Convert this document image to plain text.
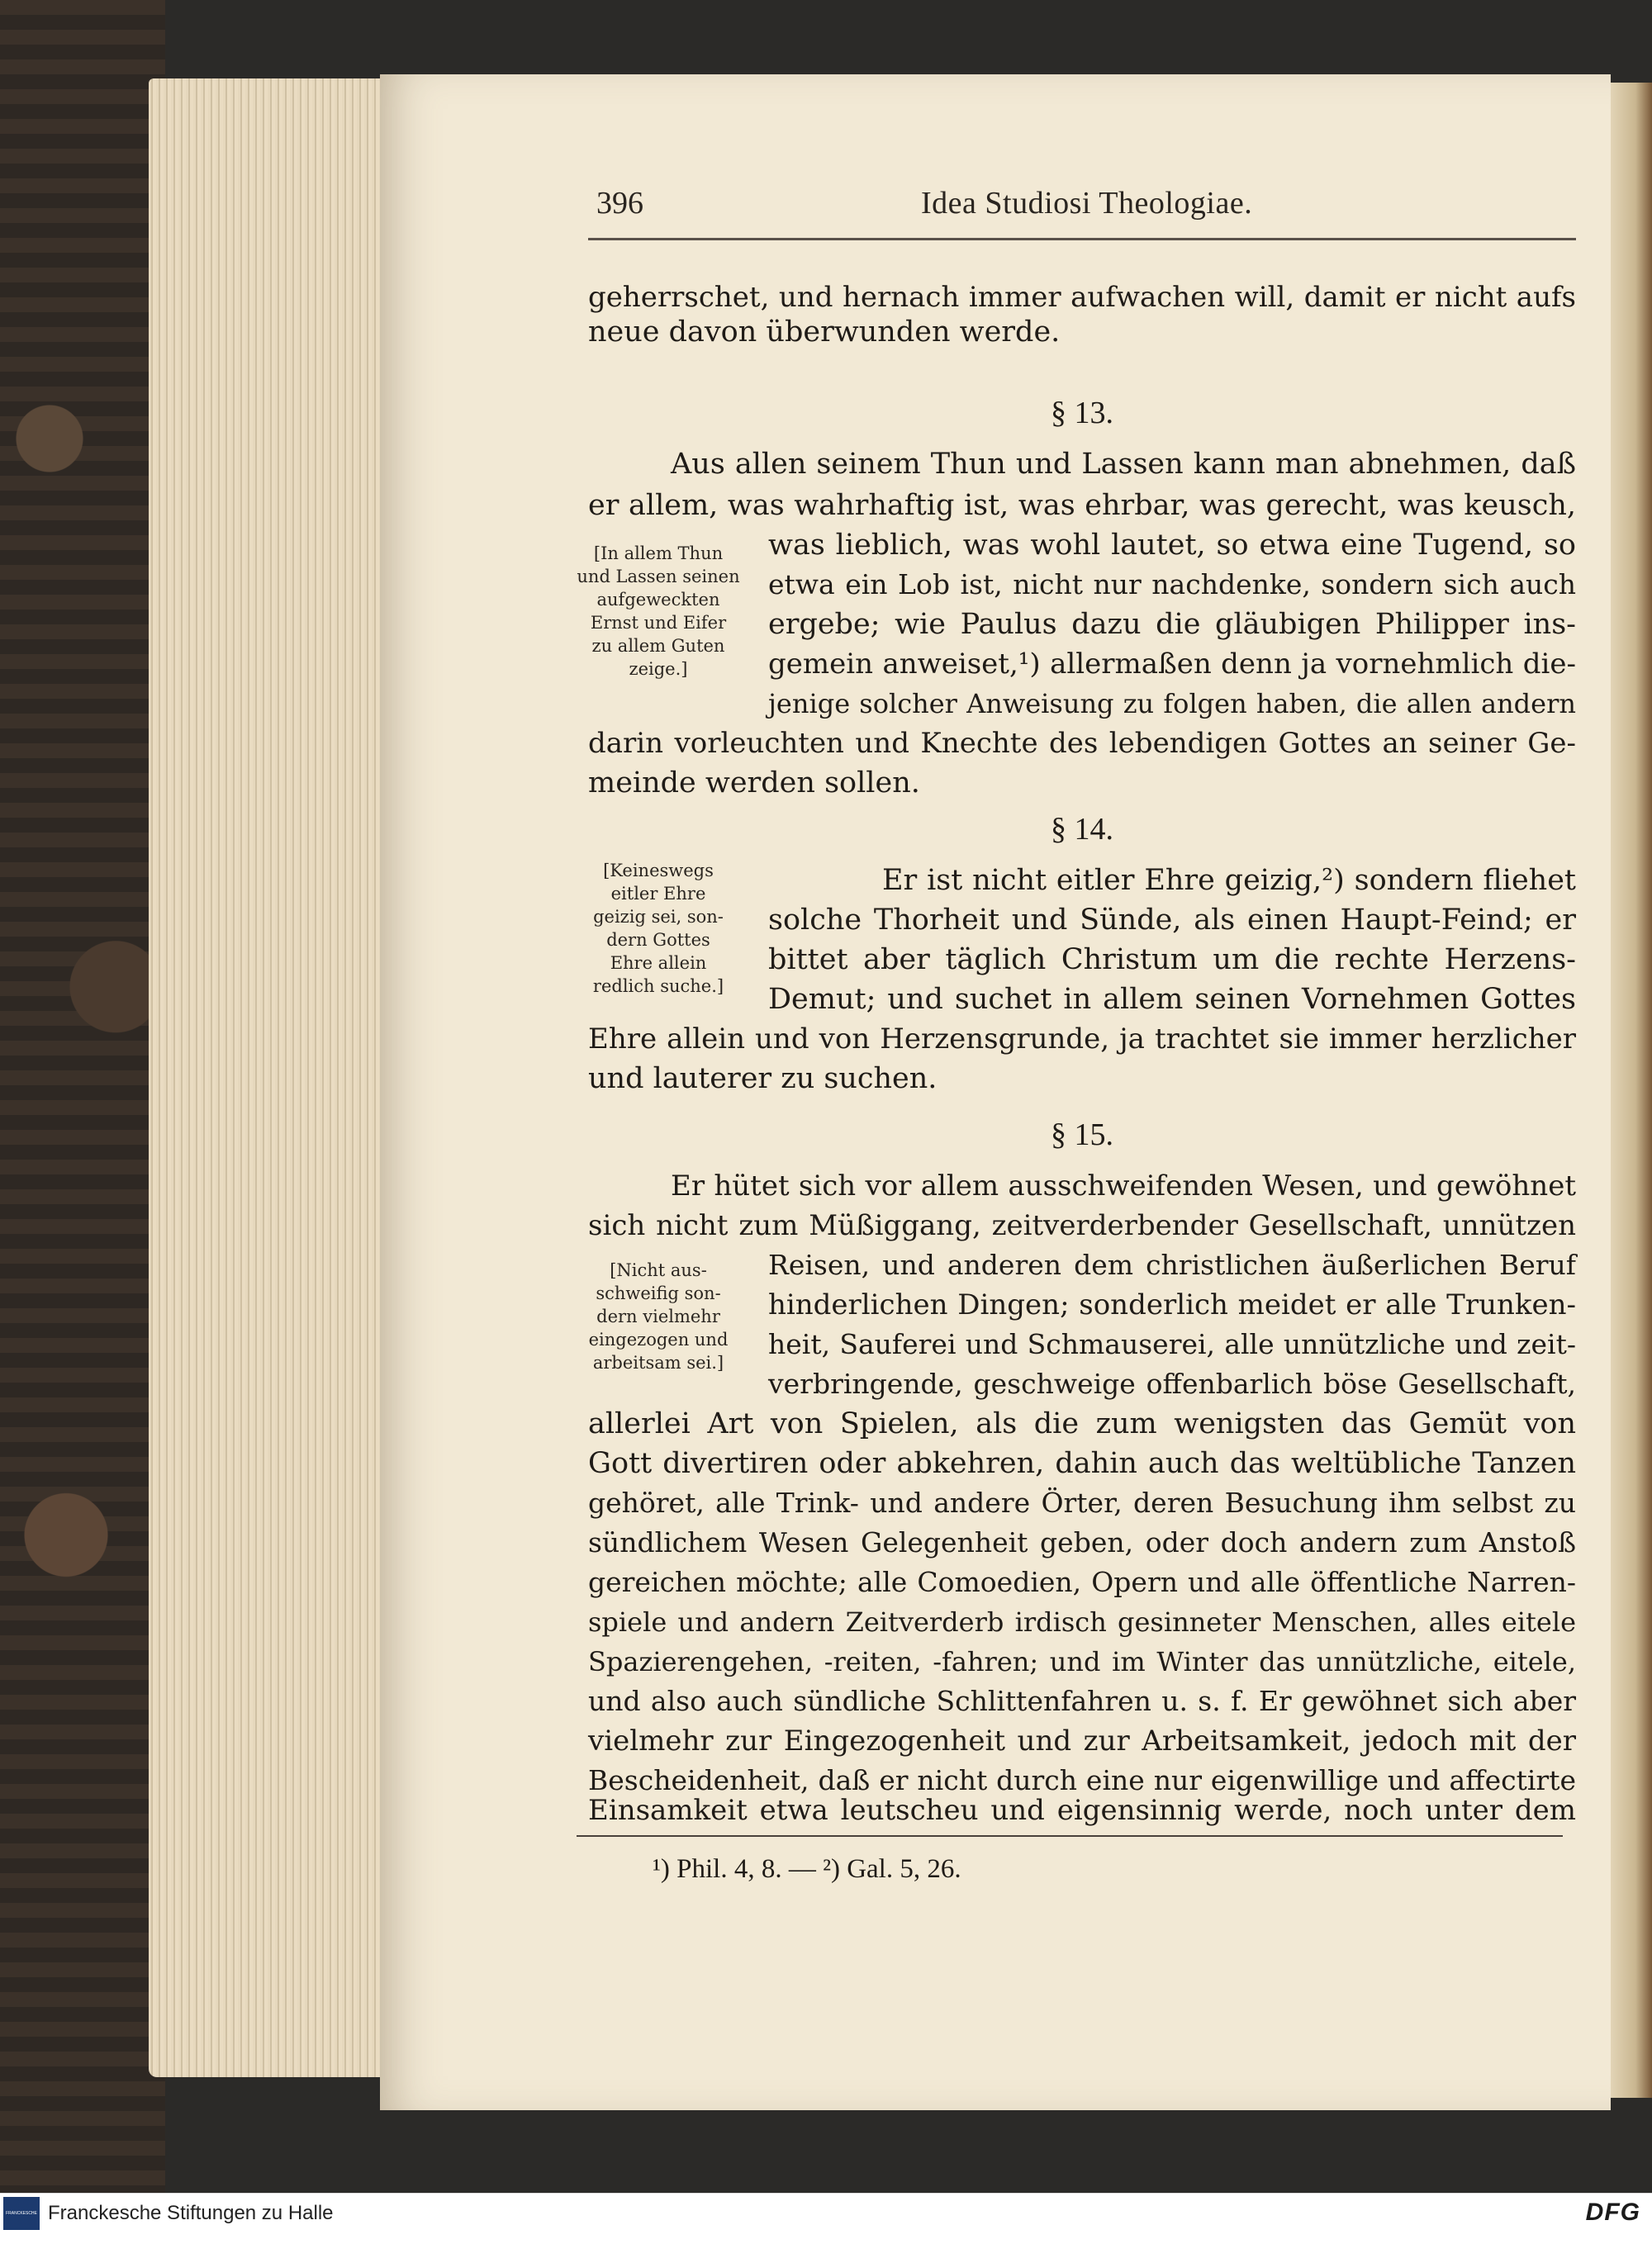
396	Idea Studiosi Theologiae.
geherrschet, und hernach immer aufwachen will, damit er nicht aufs
neue davon überwunden werde.
§ 13.
Aus allen seinem Thun und Lassen kann man abnehmen, daß
er allem, was wahrhaftig ist, was ehrbar, was gerecht, was keusch,
was lieblich, was wohl lautet, so etwa eine Tugend, so
etwa ein Lob ist, nicht nur nachdenke, sondern sich auch
ergebe; wie Paulus dazu die gläubigen Philipper ins-
gemein anweiset,¹) allermaßen denn ja vornehmlich die-
jenige solcher Anweisung zu folgen haben, die allen andern
darin vorleuchten und Knechte des lebendigen Gottes an seiner Ge-
meinde werden sollen.
[In allem Thun
und Lassen seinen
aufgeweckten
Ernst und Eifer
zu allem Guten
zeige.]
§ 14.
Er ist nicht eitler Ehre geizig,²) sondern fliehet
solche Thorheit und Sünde, als einen Haupt-Feind; er
bittet aber täglich Christum um die rechte Herzens-
Demut; und suchet in allem seinen Vornehmen Gottes
Ehre allein und von Herzensgrunde, ja trachtet sie immer herzlicher
und lauterer zu suchen.
[Keineswegs
eitler Ehre
geizig sei, son-
dern Gottes
Ehre allein
redlich suche.]
§ 15.
Er hütet sich vor allem ausschweifenden Wesen, und gewöhnet
sich nicht zum Müßiggang, zeitverderbender Gesellschaft, unnützen
Reisen, und anderen dem christlichen äußerlichen Beruf
hinderlichen Dingen; sonderlich meidet er alle Trunken-
heit, Sauferei und Schmauserei, alle unnützliche und zeit-
verbringende, geschweige offenbarlich böse Gesellschaft,
allerlei Art von Spielen, als die zum wenigsten das Gemüt von
Gott divertiren oder abkehren, dahin auch das weltübliche Tanzen
gehöret, alle Trink- und andere Örter, deren Besuchung ihm selbst zu
sündlichem Wesen Gelegenheit geben, oder doch andern zum Anstoß
gereichen möchte; alle Comoedien, Opern und alle öffentliche Narren-
spiele und andern Zeitverderb irdisch gesinneter Menschen, alles eitele
Spazierengehen, -reiten, -fahren; und im Winter das unnützliche, eitele,
und also auch sündliche Schlittenfahren u. s. f. Er gewöhnet sich aber
vielmehr zur Eingezogenheit und zur Arbeitsamkeit, jedoch mit der
Bescheidenheit, daß er nicht durch eine nur eigenwillige und affectirte
Einsamkeit etwa leutscheu und eigensinnig werde, noch unter dem
[Nicht aus-
schweifig son-
dern vielmehr
eingezogen und
arbeitsam sei.]
¹) Phil. 4, 8. — ²) Gal. 5, 26.
FRANCKESCHE STIFTUNGEN
Franckesche Stiftungen zu Halle	DFG
